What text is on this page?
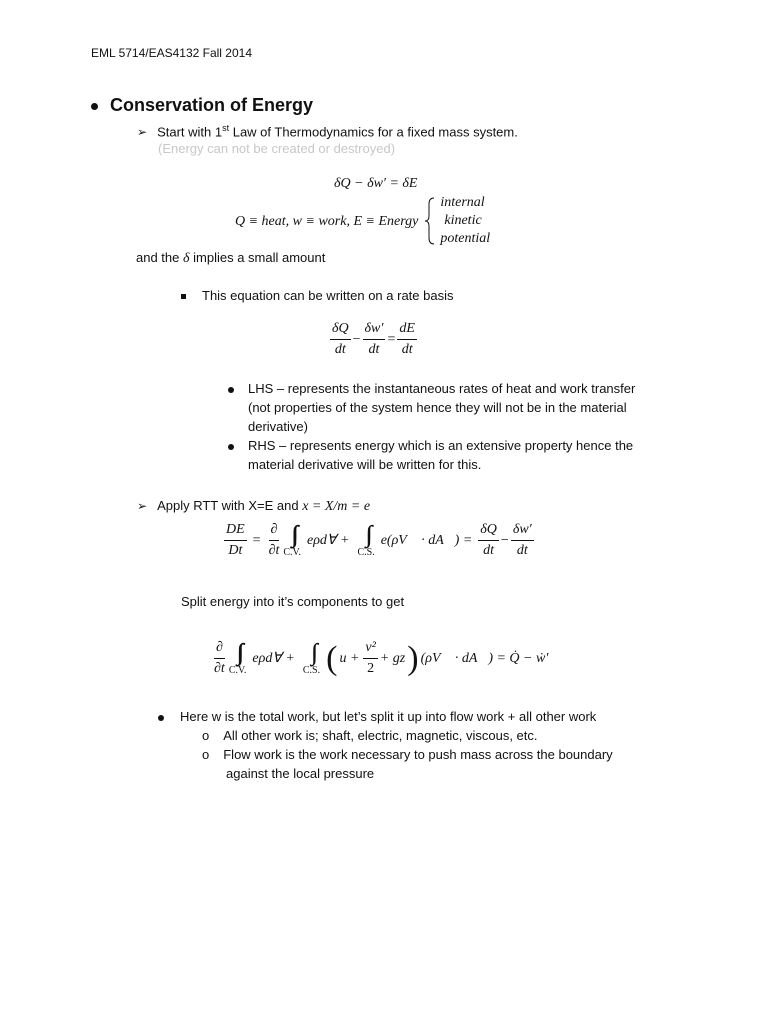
EML 5714/EAS4132 Fall 2014
Conservation of Energy
➢ Start with 1st Law of Thermodynamics for a fixed mass system.
(Energy can not be created or destroyed)
δQ − δw′ = δE
Q ≡ heat, w ≡ work, E ≡ Energy
internal
kinetic
potential
and the δ implies a small amount
This equation can be written on a rate basis
$\frac{\delta Q}{dt} - \frac{\delta w'}{dt} = \frac{dE}{dt}$
LHS – represents the instantaneous rates of heat and work transfer
(not properties of the system hence they will not be in the material
derivative)
RHS – represents energy which is an extensive property hence the
material derivative will be written for this.
➢ Apply RTT with X=E and x = X/m = e
$\frac{DE}{Dt} = \frac{\partial}{\partial t} C.V$.
eρd∀ +
C.S.
e(ρV⃗ · dA⃗) = $\frac{\delta Q}{dt} - \frac{\delta w'}{dt}$
Split energy into it’s components to get
$\frac{\partial}{\partial t} C.V$.
eρd∀ +
C.S. ( $u + \frac{\text{v²}}{2}$ + gz ) (ρV⃗ · dA⃗) = Q̇ − ẇ′
Here w is the total work, but let’s split it up into flow work + all other work
o All other work is; shaft, electric, magnetic, viscous, etc.
o Flow work is the work necessary to push mass across the boundary
against the local pressure
